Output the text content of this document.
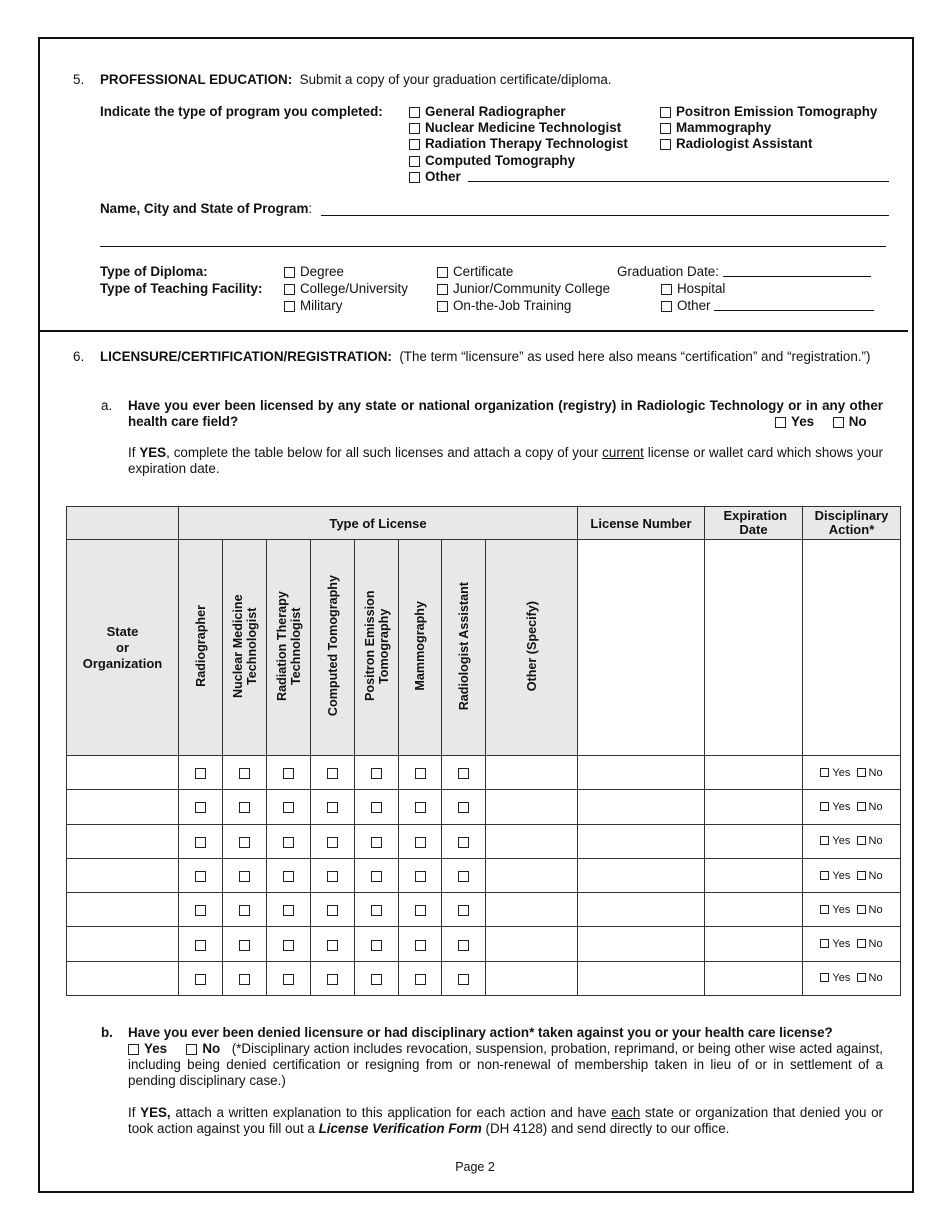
5. PROFESSIONAL EDUCATION: Submit a copy of your graduation certificate/diploma.
Indicate the type of program you completed:	General Radiographer
Nuclear Medicine Technologist
Radiation Therapy Technologist
Computed Tomography
Other
Positron Emission Tomography
Mammography
Radiologist Assistant
Name, City and State of Program:
Type of Diploma:
Type of Teaching Facility:
Degree	Certificate	Graduation Date:
College/University	Junior/Community College	Hospital
Military	On-the-Job Training	Other
6. LICENSURE/CERTIFICATION/REGISTRATION: (The term “licensure” as used here also means “certification” and “registration.”)
a. Have you ever been licensed by any state or national organization (registry) in Radiologic Technology or in any other health care field?	Yes	No
If YES, complete the table below for all such licenses and attach a copy of your current license or wallet card which shows your expiration date.
	Type of License								License Number	Expiration Date	Disciplinary Action*
State or Organization	Radiographer	Nuclear Medicine Technologist	Radiation Therapy Technologist	Computed Tomography	Positron Emission Tomography	Mammography	Radiologist Assistant	Other (Specify)			
											Yes No
											Yes No
											Yes No
											Yes No
											Yes No
											Yes No
											Yes No
b. Have you ever been denied licensure or had disciplinary action* taken against you or your health care license?
Yes	No (*Disciplinary action includes revocation, suspension, probation, reprimand, or being other wise acted against, including being denied certification or resigning from or non-renewal of membership taken in lieu of or in settlement of a pending disciplinary case.)
If YES, attach a written explanation to this application for each action and have each state or organization that denied you or took action against you fill out a License Verification Form (DH 4128) and send directly to our office.
Page 2
